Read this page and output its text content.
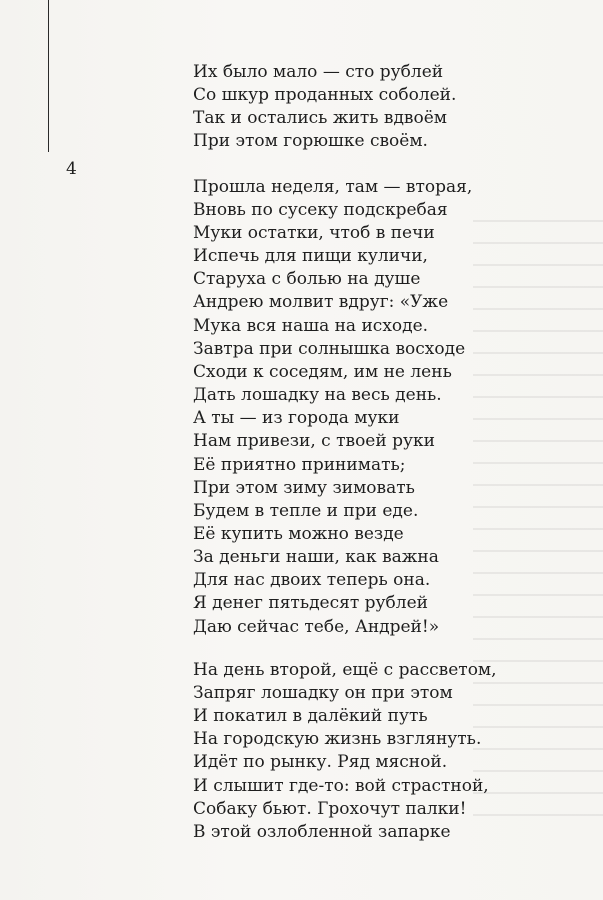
4
Их было мало — сто рублей
Со шкур проданных соболей.
Так и остались жить вдвоём
При этом горюшке своём.
Прошла неделя, там — вторая,
Вновь по сусеку подскребая
Муки остатки, чтоб в печи
Испечь для пищи куличи,
Старуха с болью на душе
Андрею молвит вдруг: «Уже
Мука вся наша на исходе.
Завтра при солнышка восходе
Сходи к соседям, им не лень
Дать лошадку на весь день.
А ты — из города муки
Нам привези, с твоей руки
Её приятно принимать;
При этом зиму зимовать
Будем в тепле и при еде.
Её купить можно везде
За деньги наши, как важна
Для нас двоих теперь она.
Я денег пятьдесят рублей
Даю сейчас тебе, Андрей!»
На день второй, ещё с рассветом,
Запряг лошадку он при этом
И покатил в далёкий путь
На городскую жизнь взглянуть.
Идёт по рынку. Ряд мясной.
И слышит где-то: вой страстной,
Собаку бьют. Грохочут палки!
В этой озлобленной запарке
